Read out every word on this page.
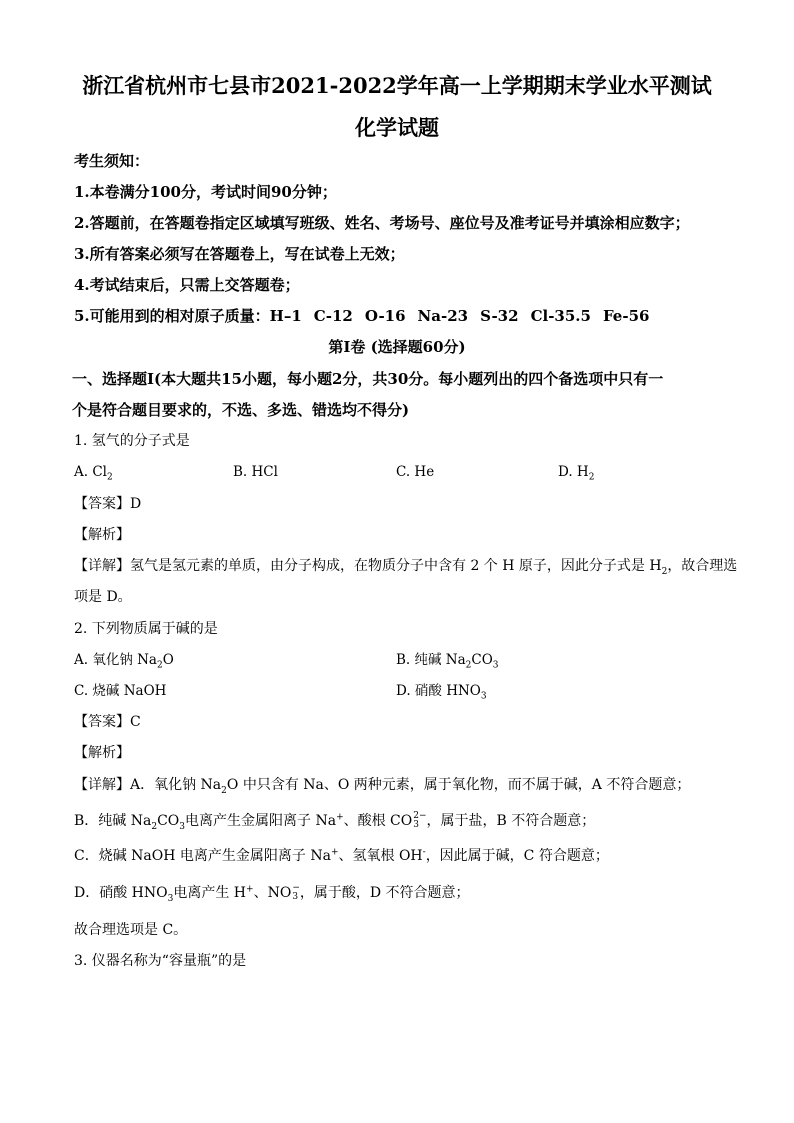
浙江省杭州市七县市2021-2022学年高一上学期期末学业水平测试
化学试题
考生须知：
1.本卷满分100分，考试时间90分钟；
2.答题前，在答题卷指定区域填写班级、姓名、考场号、座位号及准考证号并填涂相应数字；
3.所有答案必须写在答题卷上，写在试卷上无效；
4.考试结束后，只需上交答题卷；
5.可能用到的相对原子质量：H–1 C-12 O-16 Na-23 S-32 Cl-35.5 Fe-56
第Ⅰ卷 (选择题60分)
一、选择题Ⅰ(本大题共15小题，每小题2分，共30分。每小题列出的四个备选项中只有一
个是符合题目要求的，不选、多选、错选均不得分)
1. 氢气的分子式是
A. $Cl_2$	B. HCl	C. He	D. $H_2$
【答案】D
【解析】
【详解】氢气是氢元素的单质，由分子构成，在物质分子中含有 2 个 H 原子，因此分子式是 $H_2$，故合理选
项是 D。
2. 下列物质属于碱的是
A. 氧化钠 $Na_2O$	B. 纯碱 $Na_2CO_3$
C. 烧碱 NaOH	D. 硝酸 $HNO_3$
【答案】C
【解析】
【详解】A．氧化钠 $Na_2O$ 中只含有 Na、O 两种元素，属于氧化物，而不属于碱，A 不符合题意；
B．纯碱 $Na_2CO_3$电离产生金属阳离子 Na+、酸根 CO 2−
3 ，属于盐，B 不符合题意；
C．烧碱 NaOH 电离产生金属阳离子 Na+、氢氧根 OH-，因此属于碱，C 符合题意；
D．硝酸 $HNO_3$电离产生 H+、NO −
3 ，属于酸，D 不符合题意；
故合理选项是 C。
3. 仪器名称为“容量瓶”的是
